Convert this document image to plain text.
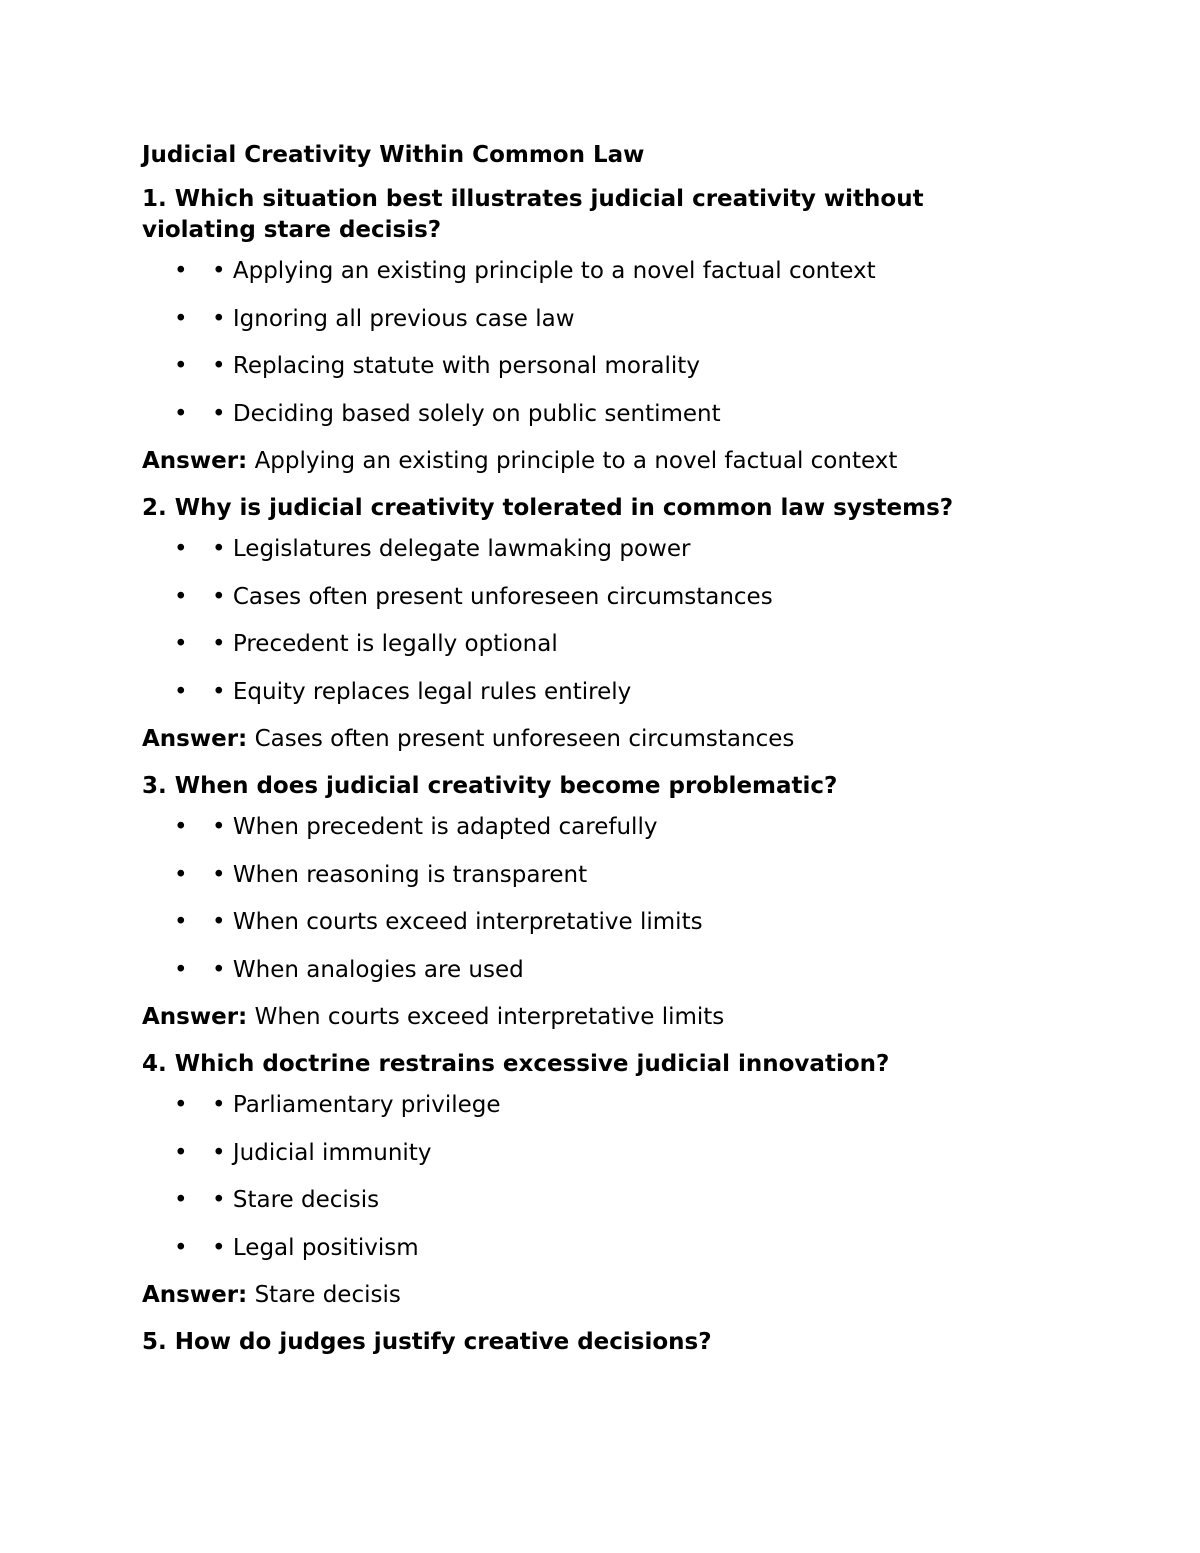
Judicial Creativity Within Common Law
1. Which situation best illustrates judicial creativity without violating stare decisis?
• • Applying an existing principle to a novel factual context
• • Ignoring all previous case law
• • Replacing statute with personal morality
• • Deciding based solely on public sentiment
Answer: Applying an existing principle to a novel factual context
2. Why is judicial creativity tolerated in common law systems?
• • Legislatures delegate lawmaking power
• • Cases often present unforeseen circumstances
• • Precedent is legally optional
• • Equity replaces legal rules entirely
Answer: Cases often present unforeseen circumstances
3. When does judicial creativity become problematic?
• • When precedent is adapted carefully
• • When reasoning is transparent
• • When courts exceed interpretative limits
• • When analogies are used
Answer: When courts exceed interpretative limits
4. Which doctrine restrains excessive judicial innovation?
• • Parliamentary privilege
• • Judicial immunity
• • Stare decisis
• • Legal positivism
Answer: Stare decisis
5. How do judges justify creative decisions?
